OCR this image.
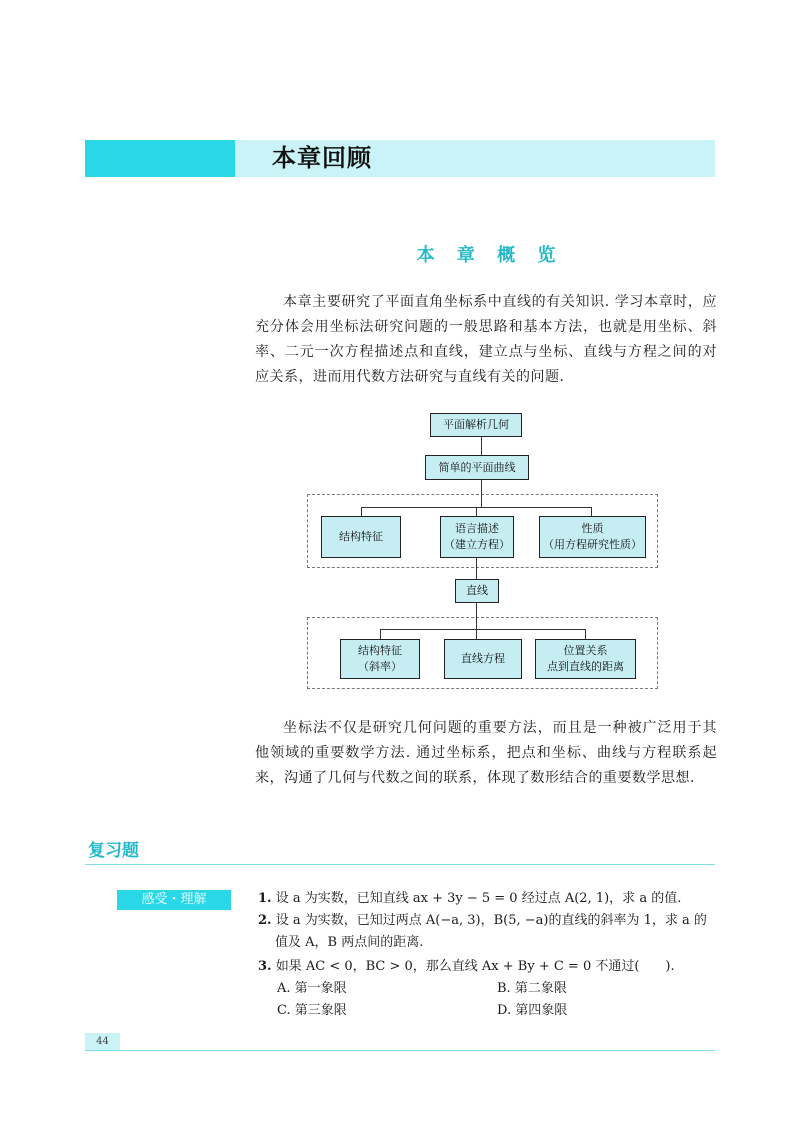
本章回顾
本 章 概 览
本章主要研究了平面直角坐标系中直线的有关知识. 学习本章时，应充分体会用坐标法研究问题的一般思路和基本方法，也就是用坐标、斜率、二元一次方程描述点和直线，建立点与坐标、直线与方程之间的对应关系，进而用代数方法研究与直线有关的问题.
平面解析几何
简单的平面曲线
结构特征
语言描述
（建立方程）
性质
（用方程研究性质）
直线
结构特征
（斜率）
直线方程
位置关系
点到直线的距离
坐标法不仅是研究几何问题的重要方法，而且是一种被广泛用于其他领域的重要数学方法. 通过坐标系，把点和坐标、曲线与方程联系起来，沟通了几何与代数之间的联系，体现了数形结合的重要数学思想.
复习题
感受・理解	1. 设 a 为实数，已知直线 ax + 3y − 5 = 0 经过点 A(2, 1)，求 a 的值.
2. 设 a 为实数，已知过两点 A(−a, 3)，B(5, −a)的直线的斜率为 1，求 a 的
值及 A，B 两点间的距离.
3. 如果 AC < 0，BC > 0，那么直线 Ax + By + C = 0 不通过(　　).
A. 第一象限	B. 第二象限
C. 第三象限	D. 第四象限
44
